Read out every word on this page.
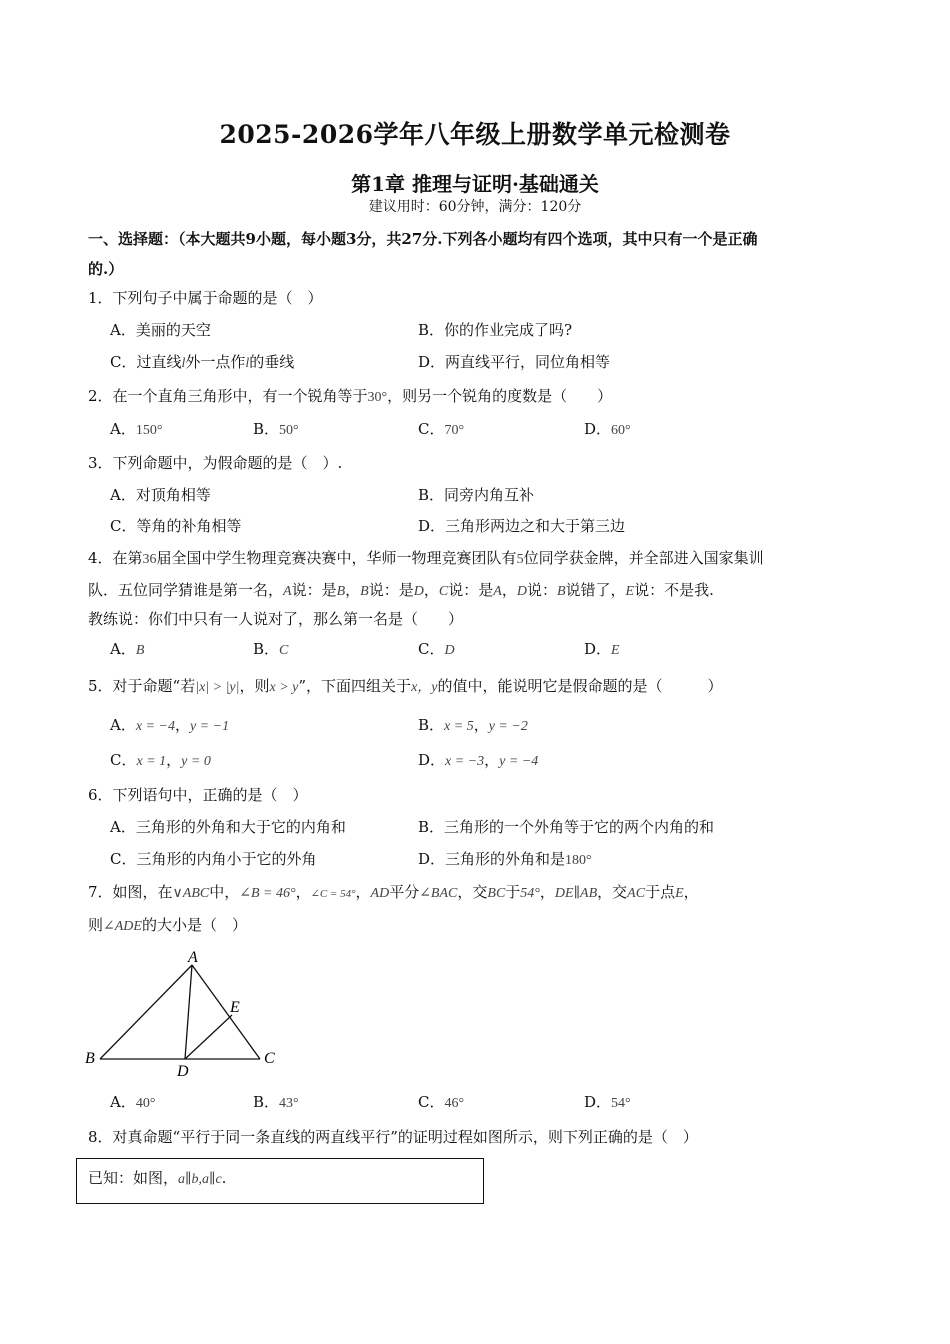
2025-2026学年八年级上册数学单元检测卷
第1章 推理与证明·基础通关
建议用时：60分钟，满分：120分
一、选择题：（本大题共9小题，每小题3分，共27分.下列各小题均有四个选项，其中只有一个是正确
的.）
1．下列句子中属于命题的是（　）
A．美丽的天空	B．你的作业完成了吗?
C．过直线l外一点作l的垂线	D．两直线平行，同位角相等
2．在一个直角三角形中，有一个锐角等于30°，则另一个锐角的度数是（　　）
A．150°	B．50°	C．70°	D．60°
3．下列命题中，为假命题的是（　）.
A．对顶角相等	B．同旁内角互补
C．等角的补角相等	D．三角形两边之和大于第三边
4．在第36届全国中学生物理竞赛决赛中，华师一物理竞赛团队有5位同学获金牌，并全部进入国家集训
队．五位同学猜谁是第一名，A说：是B，B说：是D，C说：是A，D说：B说错了，E说：不是我.
教练说：你们中只有一人说对了，那么第一名是（　　）
A．B	B．C	C．D	D．E
5．对于命题“若|x| > |y|，则x > y”，下面四组关于x，y的值中，能说明它是假命题的是（　　　）
A．x = −4，y = −1	B．x = 5，y = −2
C．x = 1，y = 0	D．x = −3，y = −4
6．下列语句中，正确的是（　）
A．三角形的外角和大于它的内角和	B．三角形的一个外角等于它的两个内角的和
C．三角形的内角小于它的外角	D．三角形的外角和是180°
7．如图，在∨ABC中，∠B = 46°，∠C = 54°，AD平分∠BAC，交BC于54°，DE∥AB，交AC于点E，
则∠ADE的大小是（　）
A
B	C
D
E
A．40°	B．43°	C．46°	D．54°
8．对真命题“平行于同一条直线的两直线平行”的证明过程如图所示，则下列正确的是（　）
已知：如图，a∥b,a∥c.
